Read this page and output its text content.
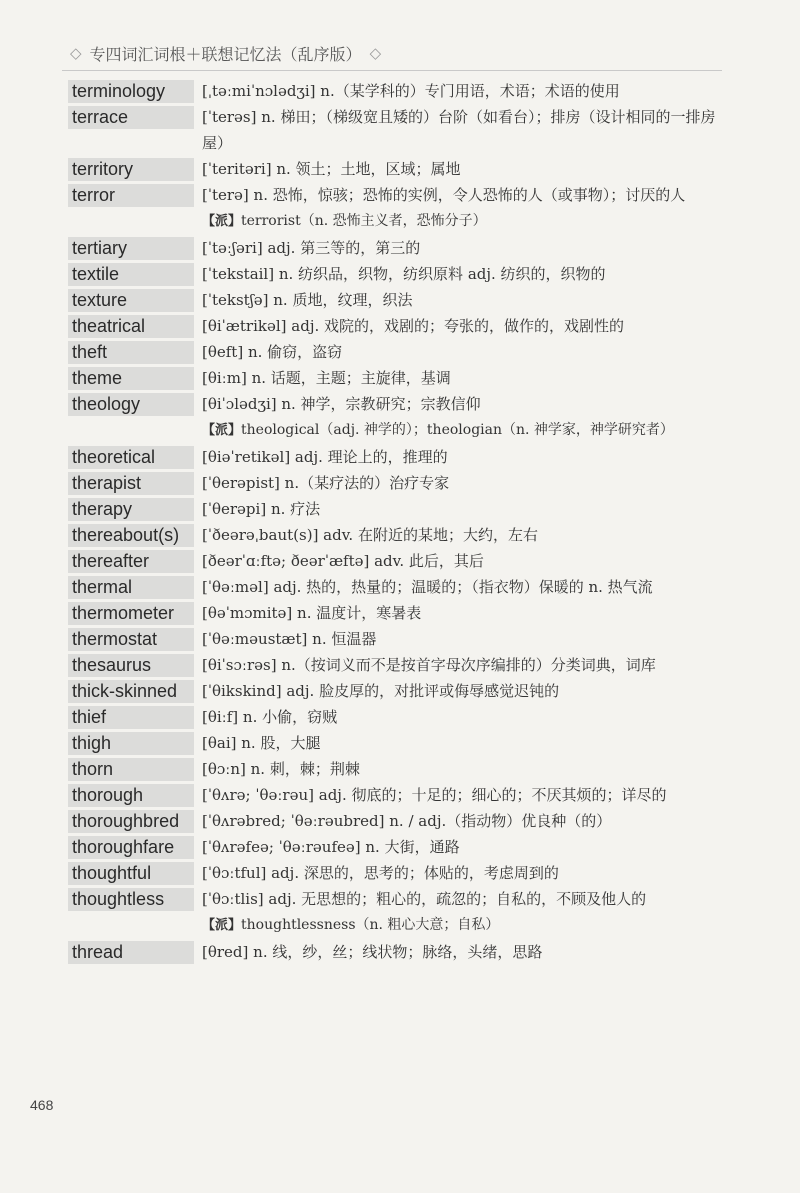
◇ 专四词汇词根＋联想记忆法（乱序版） ◇
terminology	[ˌtəːmiˈnɔlədʒi] n.（某学科的）专门用语，术语；术语的使用
terrace	[ˈterəs] n. 梯田；（梯级宽且矮的）台阶（如看台）；排房（设计相同的一排房屋）
territory	[ˈteritəri] n. 领土；土地，区域；属地
terror	[ˈterə] n. 恐怖，惊骇；恐怖的实例，令人恐怖的人（或事物）；讨厌的人
【派】terrorist（n. 恐怖主义者，恐怖分子）
tertiary	[ˈtəːʃəri] adj. 第三等的，第三的
textile	[ˈtekstail] n. 纺织品，织物，纺织原料 adj. 纺织的，织物的
texture	[ˈtekstʃə] n. 质地，纹理，织法
theatrical	[θiˈætrikəl] adj. 戏院的，戏剧的；夸张的，做作的，戏剧性的
theft	[θeft] n. 偷窃，盗窃
theme	[θiːm] n. 话题，主题；主旋律，基调
theology	[θiˈɔlədʒi] n. 神学，宗教研究；宗教信仰
【派】theological（adj. 神学的）；theologian（n. 神学家，神学研究者）
theoretical	[θiəˈretikəl] adj. 理论上的，推理的
therapist	[ˈθerəpist] n.（某疗法的）治疗专家
therapy	[ˈθerəpi] n. 疗法
thereabout(s)	[ˈðeərəˌbaut(s)] adv. 在附近的某地；大约，左右
thereafter	[ðeərˈɑːftə; ðeərˈæftə] adv. 此后，其后
thermal	[ˈθəːməl] adj. 热的，热量的；温暖的；（指衣物）保暖的 n. 热气流
thermometer	[θəˈmɔmitə] n. 温度计，寒暑表
thermostat	[ˈθəːməustæt] n. 恒温器
thesaurus	[θiˈsɔːrəs] n.（按词义而不是按首字母次序编排的）分类词典，词库
thick-skinned	[ˈθikskind] adj. 脸皮厚的，对批评或侮辱感觉迟钝的
thief	[θiːf] n. 小偷，窃贼
thigh	[θai] n. 股，大腿
thorn	[θɔːn] n. 刺，棘；荆棘
thorough	[ˈθʌrə; ˈθəːrəu] adj. 彻底的；十足的；细心的；不厌其烦的；详尽的
thoroughbred	[ˈθʌrəbred; ˈθəːrəubred] n. / adj.（指动物）优良种（的）
thoroughfare	[ˈθʌrəfeə; ˈθəːrəufeə] n. 大街，通路
thoughtful	[ˈθɔːtful] adj. 深思的，思考的；体贴的，考虑周到的
thoughtless	[ˈθɔːtlis] adj. 无思想的；粗心的，疏忽的；自私的，不顾及他人的
【派】thoughtlessness（n. 粗心大意；自私）
thread	[θred] n. 线，纱，丝；线状物；脉络，头绪，思路
468
